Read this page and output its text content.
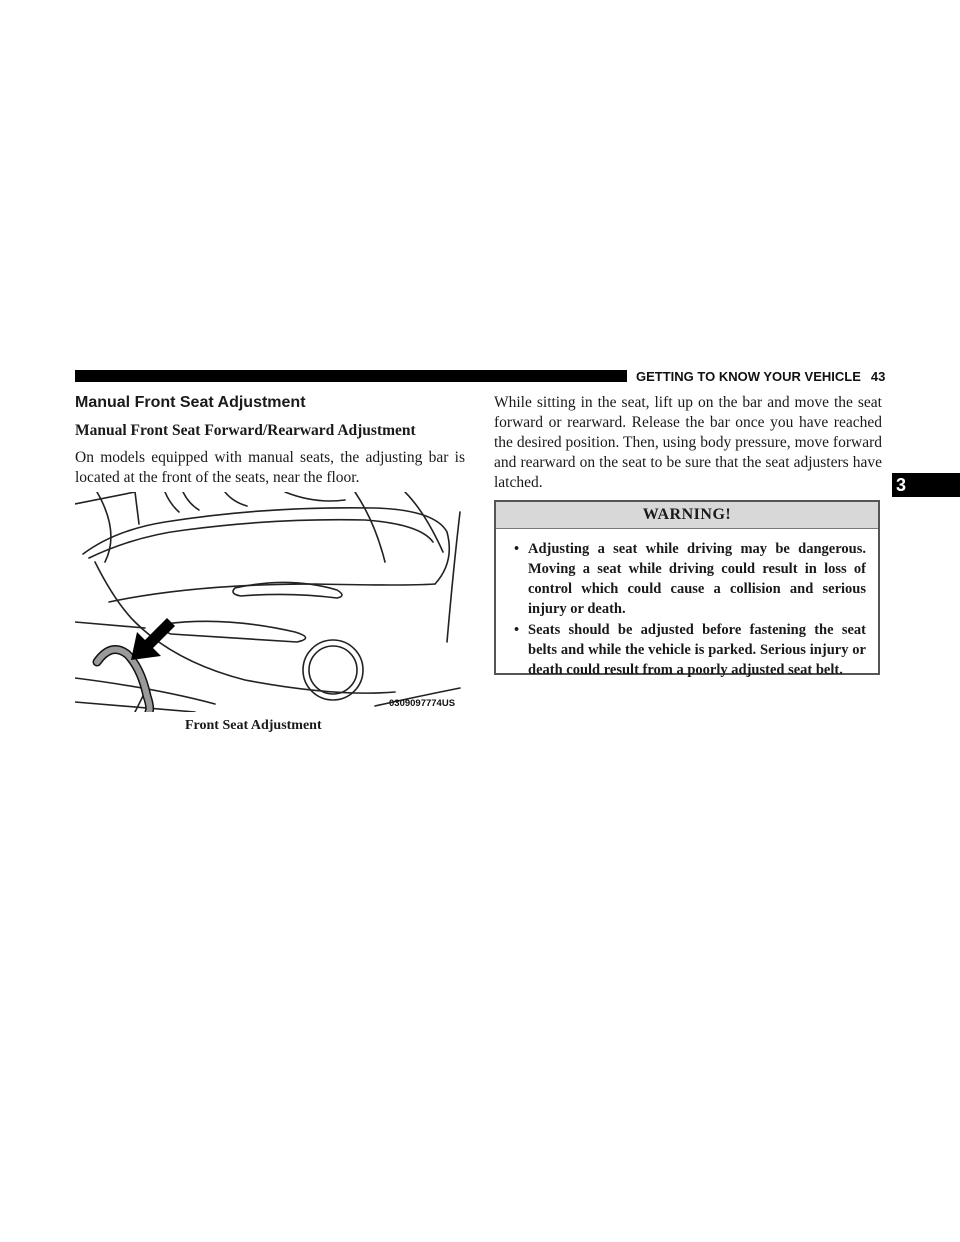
GETTING TO KNOW YOUR VEHICLE 43
3
Manual Front Seat Adjustment
Manual Front Seat Forward/Rearward Adjustment

On models equipped with manual seats, the adjusting bar is located at the front of the seats, near the floor.

0309097774US
Front Seat Adjustment

While sitting in the seat, lift up on the bar and move the seat forward or rearward. Release the bar once you have reached the desired position. Then, using body pressure, move forward and rearward on the seat to be sure that the seat adjusters have latched.

WARNING!
• Adjusting a seat while driving may be dangerous. Moving a seat while driving could result in loss of control which could cause a collision and serious injury or death.
• Seats should be adjusted before fastening the seat belts and while the vehicle is parked. Serious injury or death could result from a poorly adjusted seat belt.
